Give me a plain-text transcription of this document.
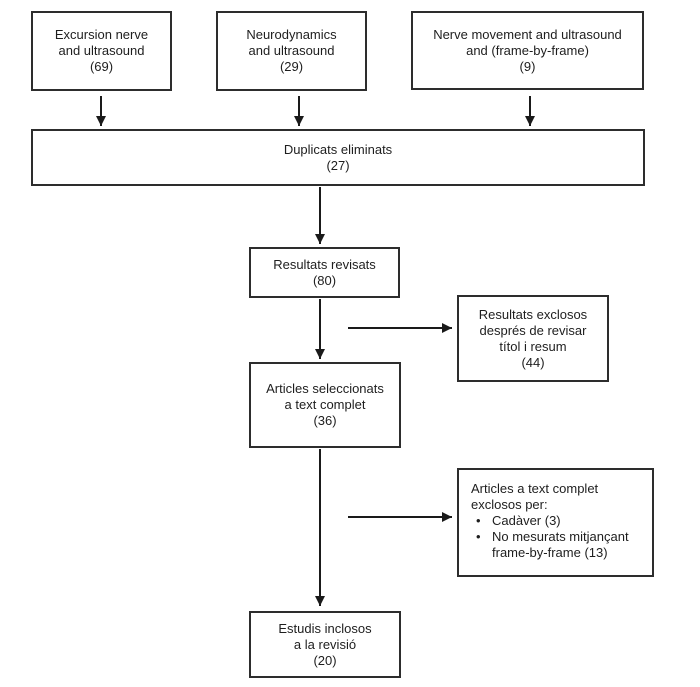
Excursion nerve
and ultrasound
(69)
Neurodynamics
and ultrasound
(29)
Nerve movement and ultrasound
and (frame-by-frame)
(9)
Duplicats eliminats
(27)
Resultats revisats
(80)
Resultats exclosos
després de revisar
títol i resum
(44)
Articles seleccionats
a text complet
(36)
Articles a text complet
exclosos per:
• Cadàver (3)
• No mesurats mitjançant frame-by-frame (13)
Estudis inclosos
a la revisió
(20)
